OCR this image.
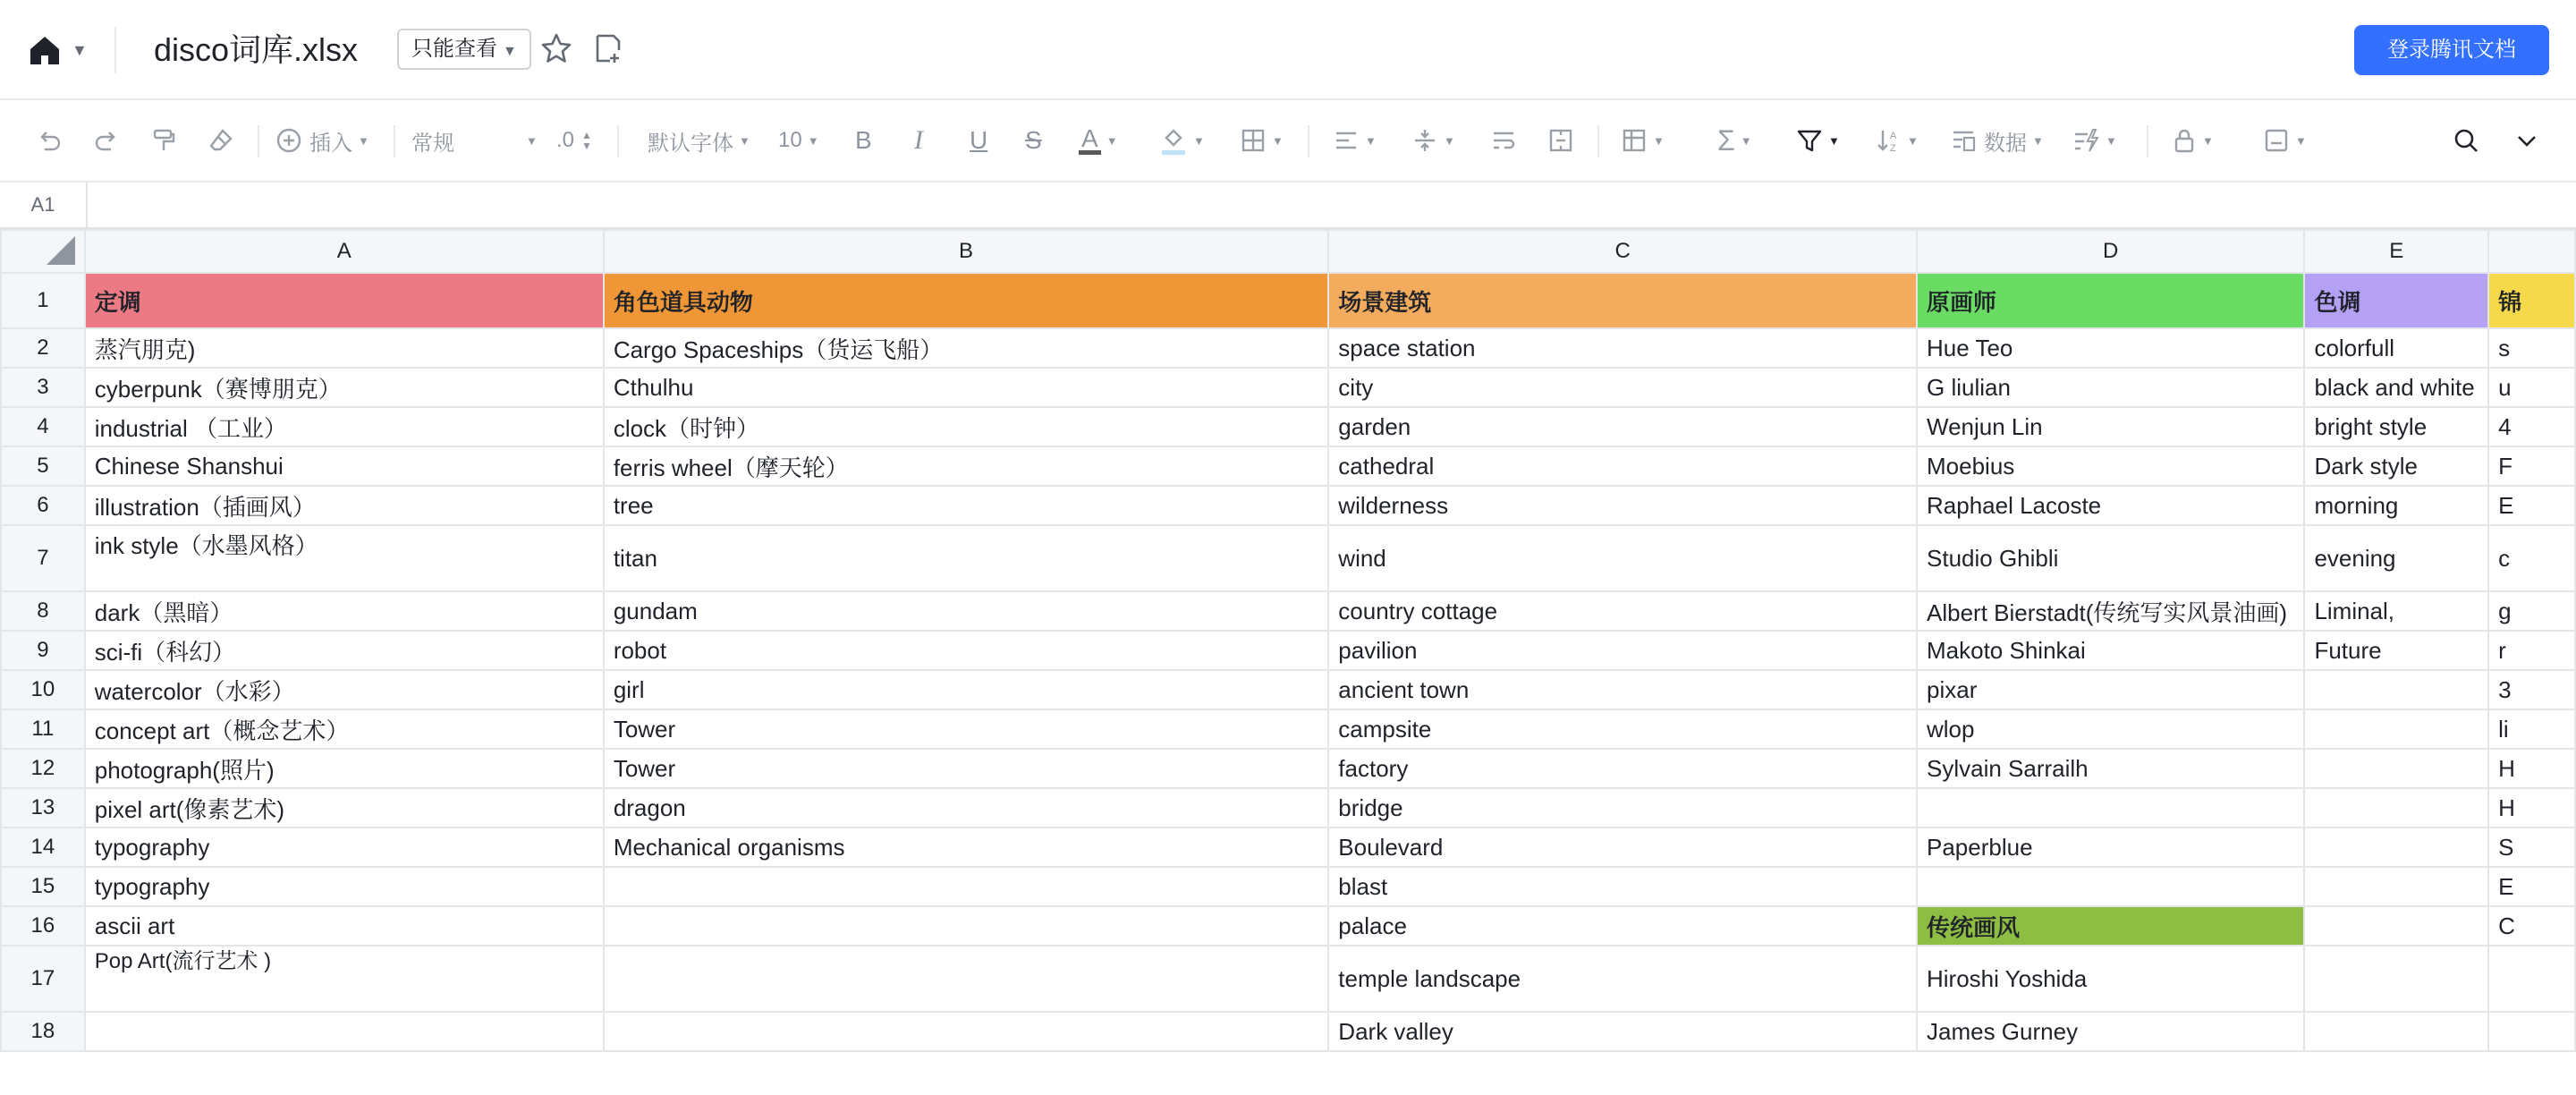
▼ disco词库.xlsx	只能查看 ▼	登录腾讯文档
插入 ▼ 常规	▼ .0 ▲
▼	默认字体 ▼ 10 ▼ B I U S A ▼	▼	▼	▼	▼	▼ Σ ▼	▼	A
Z
▼	数据 ▼	▼	▼	▼
A1
	A	B	C	D	E	
1	定调	角色道具动物	场景建筑	原画师	色调	锦
2	蒸汽朋克)	Cargo Spaceships（货运飞船）	space station	Hue Teo	colorfull	s
3	cyberpunk（赛博朋克）	Cthulhu	city	G liulian	black and white	u
4	industrial （工业）	clock（时钟）	garden	Wenjun Lin	bright style	4
5	Chinese Shanshui	ferris wheel（摩天轮）	cathedral	Moebius	Dark style	F
6	illustration（插画风）	tree	wilderness	Raphael Lacoste	morning	E
7	ink style（水墨风格）	titan	wind	Studio Ghibli	evening	c
8	dark（黑暗）	gundam	country cottage	Albert Bierstadt(传统写实风景油画)	Liminal,	g
9	sci-fi（科幻）	robot	pavilion	Makoto Shinkai	Future	r
10	watercolor（水彩）	girl	ancient town	pixar		3
11	concept art（概念艺术）	Tower	campsite	wlop		li
12	photograph(照片)	Tower	factory	Sylvain Sarrailh		H
13	pixel art(像素艺术)	dragon	bridge			H
14	typography	Mechanical organisms	Boulevard	Paperblue		S
15	typography		blast			E
16	ascii art		palace	传统画风		C
17	Pop Art(流行艺术 )		temple landscape	Hiroshi Yoshida		
18			Dark valley	James Gurney		
